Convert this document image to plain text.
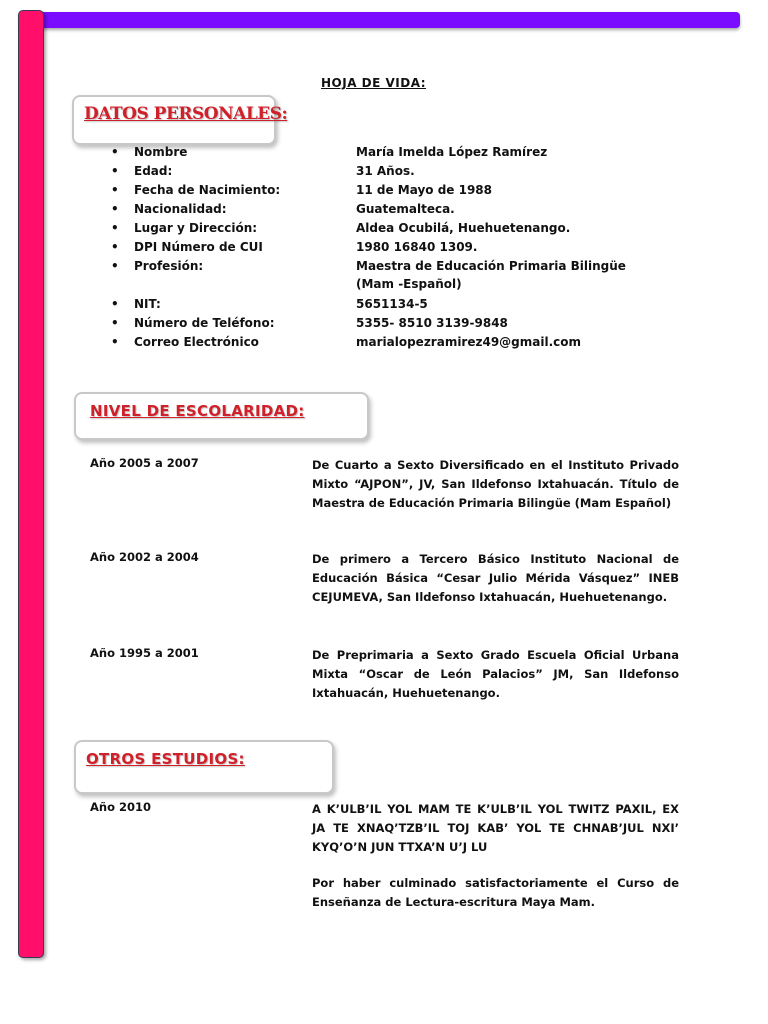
HOJA DE VIDA:
DATOS PERSONALES:
• Nombre	María Imelda López Ramírez
• Edad:	31 Años.
• Fecha de Nacimiento:	11 de Mayo de 1988
• Nacionalidad:	Guatemalteca.
• Lugar y Dirección:	Aldea Ocubilá, Huehuetenango.
• DPI Número de CUI	1980 16840 1309.
• Profesión:	Maestra de Educación Primaria Bilingüe
(Mam -Español)
• NIT:	5651134-5
• Número de Teléfono:	5355- 8510 3139-9848
• Correo Electrónico	marialopezramirez49@gmail.com
NIVEL DE ESCOLARIDAD:
Año 2005 a 2007	De Cuarto a Sexto Diversificado en el Instituto Privado Mixto “AJPON”, JV, San Ildefonso Ixtahuacán. Título de Maestra de Educación Primaria Bilingüe (Mam Español)

Año 2002 a 2004	De primero a Tercero Básico Instituto Nacional de Educación Básica “Cesar Julio Mérida Vásquez” INEB CEJUMEVA, San Ildefonso Ixtahuacán, Huehuetenango.

Año 1995 a 2001	De Preprimaria a Sexto Grado Escuela Oficial Urbana Mixta “Oscar de León Palacios” JM, San Ildefonso Ixtahuacán, Huehuetenango.

OTROS ESTUDIOS:
Año 2010	A K’ULB’IL YOL MAM TE K’ULB’IL YOL TWITZ PAXIL, EX JA TE XNAQ’TZB’IL TOJ KAB’ YOL TE CHNAB’JUL NXI’ KYQ’O’N JUN TTXA’N U’J LU

Por haber culminado satisfactoriamente el Curso de Enseñanza de Lectura-escritura Maya Mam.
